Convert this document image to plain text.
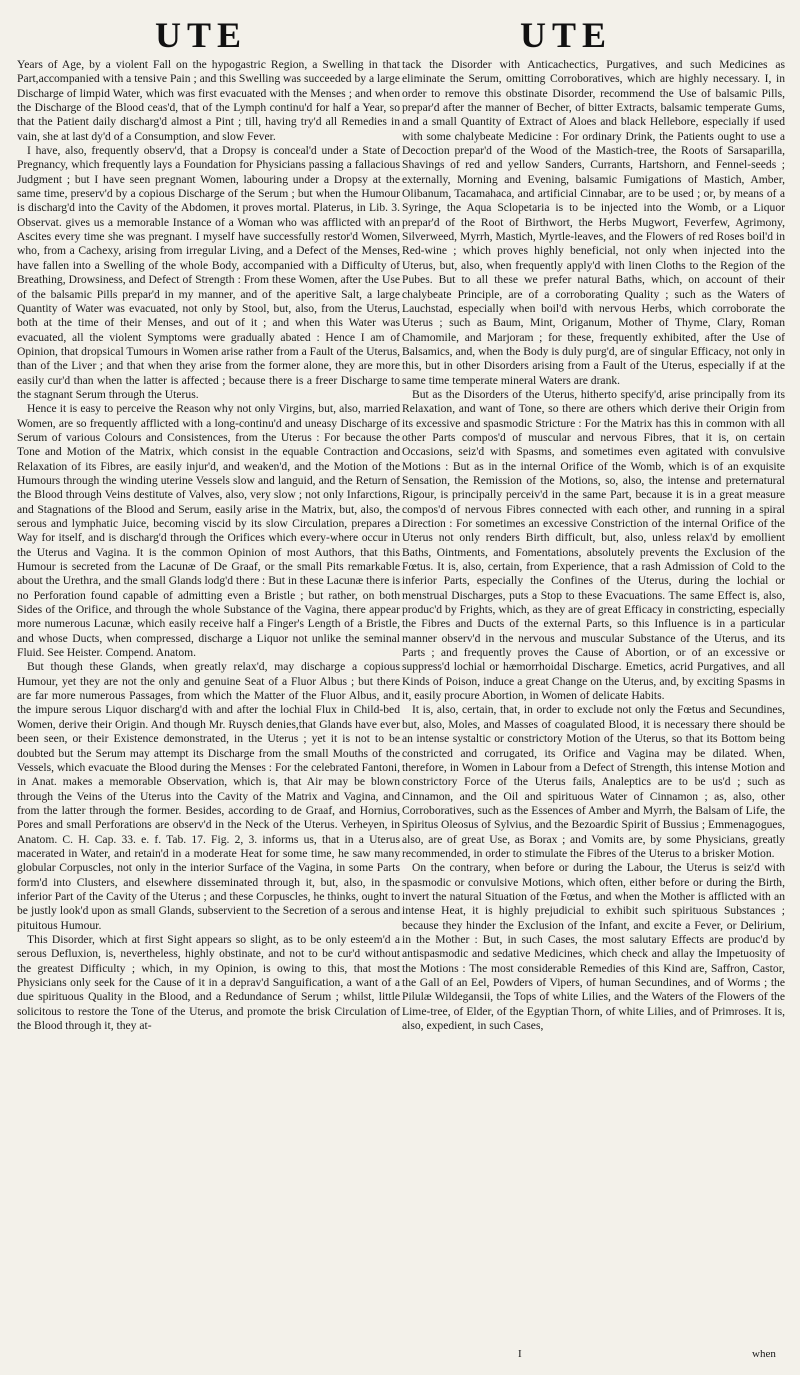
UTE	UTE

Years of Age, by a violent Fall on the hypogastric Region, a Swelling in that Part,accompanied with a tensive Pain ; and this Swelling was succeeded by a large Discharge of limpid Water, which was first evacuated with the Menses ; and when the Discharge of the Blood ceas'd, that of the Lymph continu'd for half a Year, so that the Patient daily discharg'd almost a Pint ; till, having try'd all Remedies in vain, she at last dy'd of a Consumption, and slow Fever.

I have, also, frequently observ'd, that a Dropsy is conceal'd under a State of Pregnancy, which frequently lays a Foundation for Physicians passing a fallacious Judgment ; but I have seen pregnant Women, labouring under a Dropsy at the same time, preserv'd by a copious Discharge of the Serum ; but when the Humour is discharg'd into the Cavity of the Abdomen, it proves mortal. Platerus, in Lib. 3. Observat. gives us a memorable Instance of a Woman who was afflicted with an Ascites every time she was pregnant. I myself have successfully restor'd Women, who, from a Cachexy, arising from irregular Living, and a Defect of the Menses, have fallen into a Swelling of the whole Body, accompanied with a Difficulty of Breathing, Drowsiness, and Defect of Strength : From these Women, after the Use of the balsamic Pills prepar'd in my manner, and of the aperitive Salt, a large Quantity of Water was evacuated, not only by Stool, but, also, from the Uterus, both at the time of their Menses, and out of it ; and when this Water was evacuated, all the violent Symptoms were gradually abated : Hence I am of Opinion, that dropsical Tumours in Women arise rather from a Fault of the Uterus, than of the Liver ; and that when they arise from the former alone, they are more easily cur'd than when the latter is affected ; because there is a freer Discharge to the stagnant Serum through the Uterus.

Hence it is easy to perceive the Reason why not only Virgins, but, also, married Women, are so frequently afflicted with a long-continu'd and uneasy Discharge of Serum of various Colours and Consistences, from the Uterus : For because the Tone and Motion of the Matrix, which consist in the equable Contraction and Relaxation of its Fibres, are easily injur'd, and weaken'd, and the Motion of the Humours through the winding uterine Vessels slow and languid, and the Return of the Blood through Veins destitute of Valves, also, very slow ; not only Infarctions, and Stagnations of the Blood and Serum, easily arise in the Matrix, but, also, the serous and lymphatic Juice, becoming viscid by its slow Circulation, prepares a Way for itself, and is discharg'd through the Orifices which every-where occur in the Uterus and Vagina. It is the common Opinion of most Authors, that this Humour is secreted from the Lacunæ of De Graaf, or the small Pits remarkable about the Urethra, and the small Glands lodg'd there : But in these Lacunæ there is no Perforation found capable of admitting even a Bristle ; but rather, on both Sides of the Orifice, and through the whole Substance of the Vagina, there appear more numerous Lacunæ, which easily receive half a Finger's Length of a Bristle, and whose Ducts, when compressed, discharge a Liquor not unlike the seminal Fluid. See Heister. Compend. Anatom.

But though these Glands, when greatly relax'd, may discharge a copious Humour, yet they are not the only and genuine Seat of a Fluor Albus ; but there are far more numerous Passages, from which the Matter of the Fluor Albus, and the impure serous Liquor discharg'd with and after the lochial Flux in Child-bed Women, derive their Origin. And though Mr. Ruysch denies,that Glands have ever been seen, or their Existence demonstrated, in the Uterus ; yet it is not to be doubted but the Serum may attempt its Discharge from the small Mouths of the Vessels, which evacuate the Blood during the Menses : For the celebrated Fantoni, in Anat. makes a memorable Observation, which is, that Air may be blown through the Veins of the Uterus into the Cavity of the Matrix and Vagina, and from the latter through the former. Besides, according to de Graaf, and Hornius, Pores and small Perforations are observ'd in the Neck of the Uterus. Verheyen, in Anatom. C. H. Cap. 33. e. f. Tab. 17. Fig. 2, 3. informs us, that in a Uterus macerated in Water, and retain'd in a moderate Heat for some time, he saw many globular Corpuscles, not only in the interior Surface of the Vagina, in some Parts form'd into Clusters, and elsewhere disseminated through it, but, also, in the inferior Part of the Cavity of the Uterus ; and these Corpuscles, he thinks, ought to be justly look'd upon as small Glands, subservient to the Secretion of a serous and pituitous Humour.

This Disorder, which at first Sight appears so slight, as to be only esteem'd a serous Defluxion, is, nevertheless, highly obstinate, and not to be cur'd without the greatest Difficulty ; which, in my Opinion, is owing to this, that most Physicians only seek for the Cause of it in a deprav'd Sanguification, a want of a due spirituous Quality in the Blood, and a Redundance of Serum ; whilst, little solicitous to restore the Tone of the Uterus, and promote the brisk Circulation of the Blood through it, they at-

tack the Disorder with Anticachectics, Purgatives, and such Medicines as eliminate the Serum, omitting Corroboratives, which are highly necessary. I, in order to remove this obstinate Disorder, recommend the Use of balsamic Pills, prepar'd after the manner of Becher, of bitter Extracts, balsamic temperate Gums, and a small Quantity of Extract of Aloes and black Hellebore, especially if used with some chalybeate Medicine : For ordinary Drink, the Patients ought to use a Decoction prepar'd of the Wood of the Mastich-tree, the Roots of Sarsaparilla, Shavings of red and yellow Sanders, Currants, Hartshorn, and Fennel-seeds ; externally, Morning and Evening, balsamic Fumigations of Mastich, Amber, Olibanum, Tacamahaca, and artificial Cinnabar, are to be used ; or, by means of a Syringe, the Aqua Sclopetaria is to be injected into the Womb, or a Liquor prepar'd of the Root of Birthwort, the Herbs Mugwort, Feverfew, Agrimony, Silverweed, Myrrh, Mastich, Myrtle-leaves, and the Flowers of red Roses boil'd in Red-wine ; which proves highly beneficial, not only when injected into the Uterus, but, also, when frequently apply'd with linen Cloths to the Region of the Pubes. But to all these we prefer natural Baths, which, on account of their chalybeate Principle, are of a corroborating Quality ; such as the Waters of Lauchstad, especially when boil'd with nervous Herbs, which corroborate the Uterus ; such as Baum, Mint, Origanum, Mother of Thyme, Clary, Roman Chamomile, and Marjoram ; for these, frequently exhibited, after the Use of Balsamics, and, when the Body is duly purg'd, are of singular Efficacy, not only in this, but in other Disorders arising from a Fault of the Uterus, especially if at the same time temperate mineral Waters are drank.

But as the Disorders of the Uterus, hitherto specify'd, arise principally from its Relaxation, and want of Tone, so there are others which derive their Origin from its excessive and spasmodic Stricture : For the Matrix has this in common with all other Parts compos'd of muscular and nervous Fibres, that it is, on certain Occasions, seiz'd with Spasms, and sometimes even agitated with convulsive Motions : But as in the internal Orifice of the Womb, which is of an exquisite Sensation, the Remission of the Motions, so, also, the intense and preternatural Rigour, is principally perceiv'd in the same Part, because it is in a great measure compos'd of nervous Fibres connected with each other, and running in a spiral Direction : For sometimes an excessive Constriction of the internal Orifice of the Uterus not only renders Birth difficult, but, also, unless relax'd by emollient Baths, Ointments, and Fomentations, absolutely prevents the Exclusion of the Fœtus. It is, also, certain, from Experience, that a rash Admission of Cold to the inferior Parts, especially the Confines of the Uterus, during the lochial or menstrual Discharges, puts a Stop to these Evacuations. The same Effect is, also, produc'd by Frights, which, as they are of great Efficacy in constricting, especially the Fibres and Ducts of the external Parts, so this Influence is in a particular manner observ'd in the nervous and muscular Substance of the Uterus, and its Parts ; and frequently proves the Cause of Abortion, or of an excessive or suppress'd lochial or hæmorrhoidal Discharge. Emetics, acrid Purgatives, and all Kinds of Poison, induce a great Change on the Uterus, and, by exciting Spasms in it, easily procure Abortion, in Women of delicate Habits.

It is, also, certain, that, in order to exclude not only the Fœtus and Secundines, but, also, Moles, and Masses of coagulated Blood, it is necessary there should be an intense systaltic or constrictory Motion of the Uterus, so that its Bottom being constricted and corrugated, its Orifice and Vagina may be dilated. When, therefore, in Women in Labour from a Defect of Strength, this intense Motion and constrictory Force of the Uterus fails, Analeptics are to be us'd ; such as Cinnamon, and the Oil and spirituous Water of Cinnamon ; as, also, other Corroboratives, such as the Essences of Amber and Myrrh, the Balsam of Life, the Spiritus Oleosus of Sylvius, and the Bezoardic Spirit of Bussius ; Emmenagogues, also, are of great Use, as Borax ; and Vomits are, by some Physicians, greatly recommended, in order to stimulate the Fibres of the Uterus to a brisker Motion.

On the contrary, when before or during the Labour, the Uterus is seiz'd with spasmodic or convulsive Motions, which often, either before or during the Birth, invert the natural Situation of the Fœtus, and when the Mother is afflicted with an intense Heat, it is highly prejudicial to exhibit such spirituous Substances ; because they hinder the Exclusion of the Infant, and excite a Fever, or Delirium, in the Mother : But, in such Cases, the most salutary Effects are produc'd by antispasmodic and sedative Medicines, which check and allay the Impetuosity of the Motions : The most considerable Remedies of this Kind are, Saffron, Castor, the Gall of an Eel, Powders of Vipers, of human Secundines, and of Worms ; the Pilulæ Wildegansii, the Tops of white Lilies, and the Waters of the Flowers of the Lime-tree, of Elder, of the Egyptian Thorn, of white Lilies, and of Primroses. It is, also, expedient, in such Cases,

I	when
